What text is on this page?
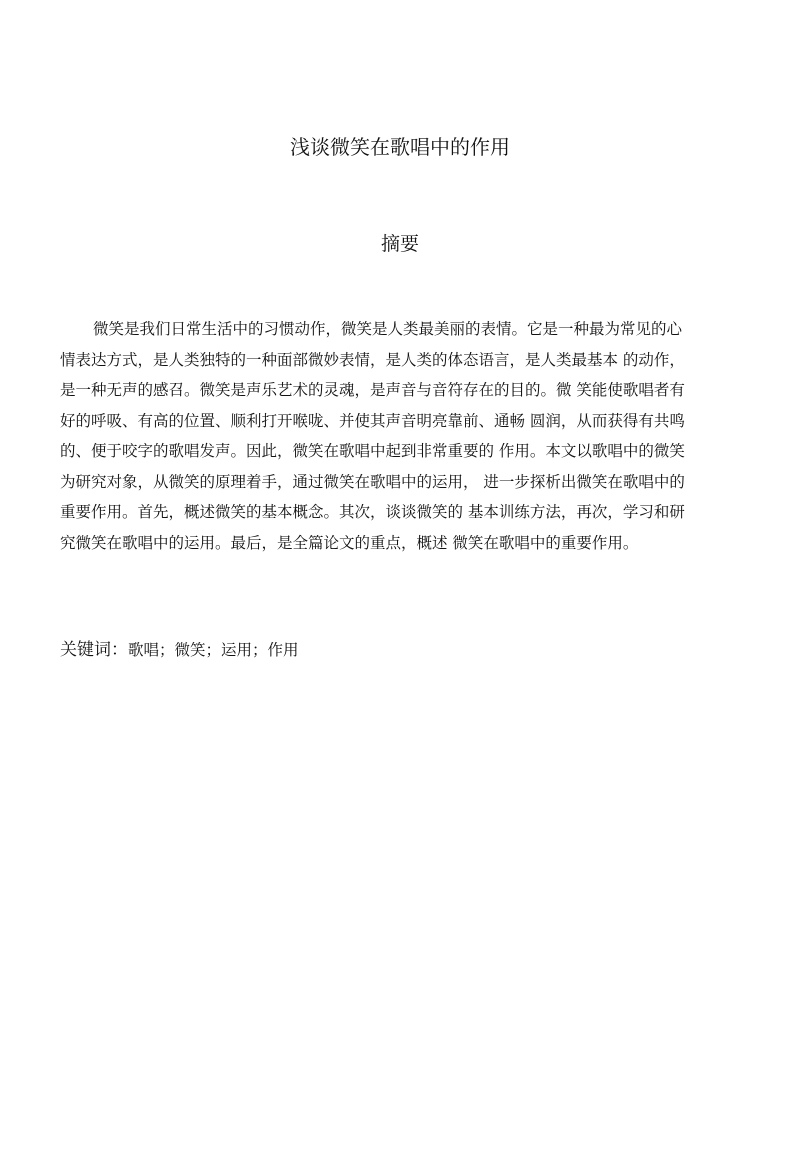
浅谈微笑在歌唱中的作用
摘要
微笑是我们日常生活中的习惯动作，微笑是人类最美丽的表情。它是一种最为常见的心
情表达方式，是人类独特的一种面部微妙表情，是人类的体态语言，是人类最基本 的动作，
是一种无声的感召。微笑是声乐艺术的灵魂，是声音与音符存在的目的。微 笑能使歌唱者有
好的呼吸、有高的位置、顺利打开喉咙、并使其声音明亮靠前、通畅 圆润，从而获得有共鸣
的、便于咬字的歌唱发声。因此，微笑在歌唱中起到非常重要的 作用。本文以歌唱中的微笑
为研究对象，从微笑的原理着手，通过微笑在歌唱中的运用， 进一步探析出微笑在歌唱中的
重要作用。首先，概述微笑的基本概念。其次，谈谈微笑的 基本训练方法，再次，学习和研
究微笑在歌唱中的运用。最后，是全篇论文的重点，概述 微笑在歌唱中的重要作用。
关键词：歌唱；微笑；运用；作用
